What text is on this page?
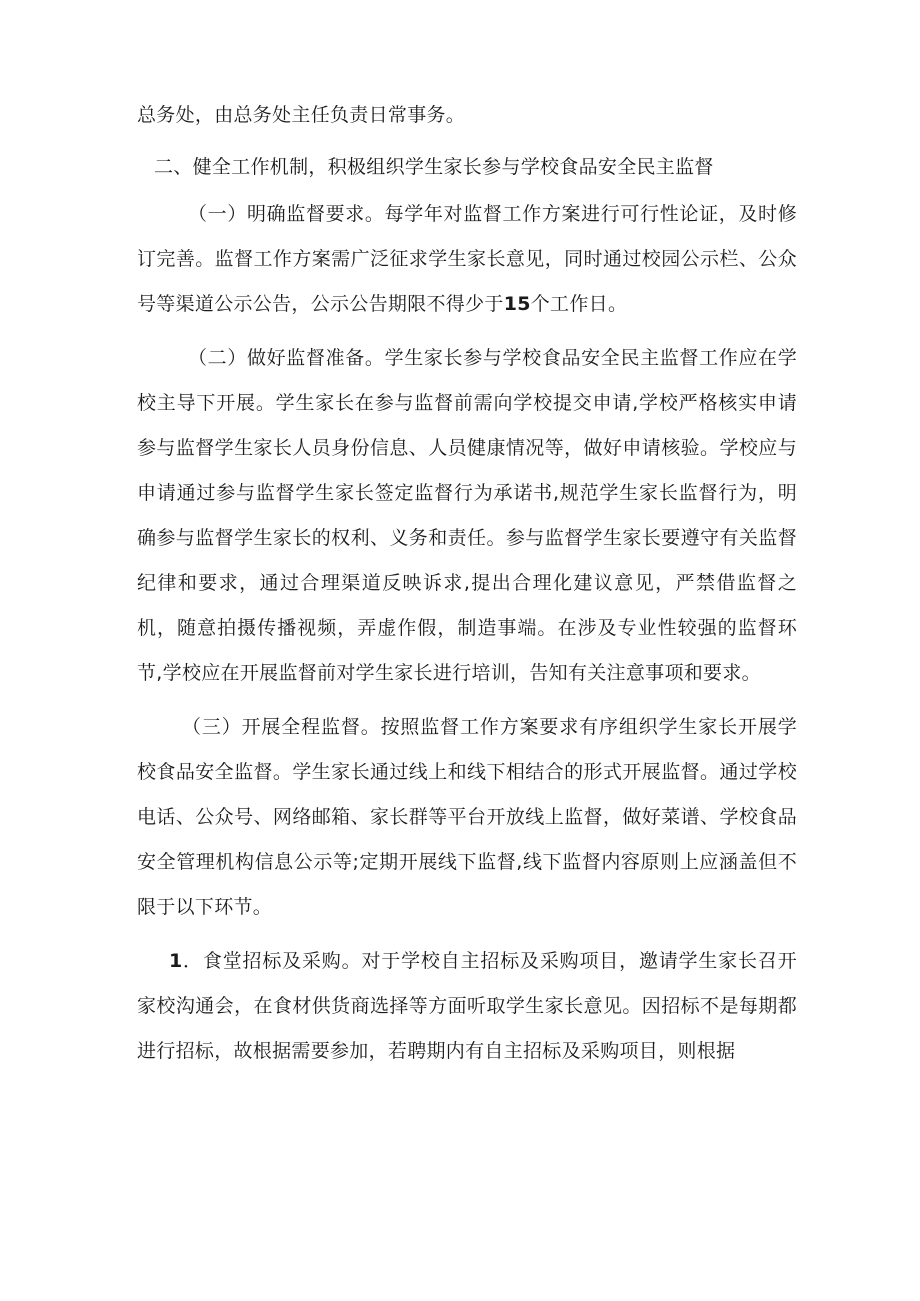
总务处，由总务处主任负责日常事务。

二、健全工作机制，积极组织学生家长参与学校食品安全民主监督

（一）明确监督要求。每学年对监督工作方案进行可行性论证，及时修订完善。监督工作方案需广泛征求学生家长意见，同时通过校园公示栏、公众号等渠道公示公告，公示公告期限不得少于15个工作日。

（二）做好监督准备。学生家长参与学校食品安全民主监督工作应在学校主导下开展。学生家长在参与监督前需向学校提交申请,学校严格核实申请参与监督学生家长人员身份信息、人员健康情况等，做好申请核验。学校应与申请通过参与监督学生家长签定监督行为承诺书,规范学生家长监督行为，明确参与监督学生家长的权利、义务和责任。参与监督学生家长要遵守有关监督纪律和要求，通过合理渠道反映诉求,提出合理化建议意见，严禁借监督之机，随意拍摄传播视频，弄虚作假，制造事端。在涉及专业性较强的监督环节,学校应在开展监督前对学生家长进行培训，告知有关注意事项和要求。

（三）开展全程监督。按照监督工作方案要求有序组织学生家长开展学校食品安全监督。学生家长通过线上和线下相结合的形式开展监督。通过学校电话、公众号、网络邮箱、家长群等平台开放线上监督，做好菜谱、学校食品安全管理机构信息公示等;定期开展线下监督,线下监督内容原则上应涵盖但不限于以下环节。

1．食堂招标及采购。对于学校自主招标及采购项目，邀请学生家长召开家校沟通会，在食材供货商选择等方面听取学生家长意见。因招标不是每期都进行招标，故根据需要参加，若聘期内有自主招标及采购项目，则根据
